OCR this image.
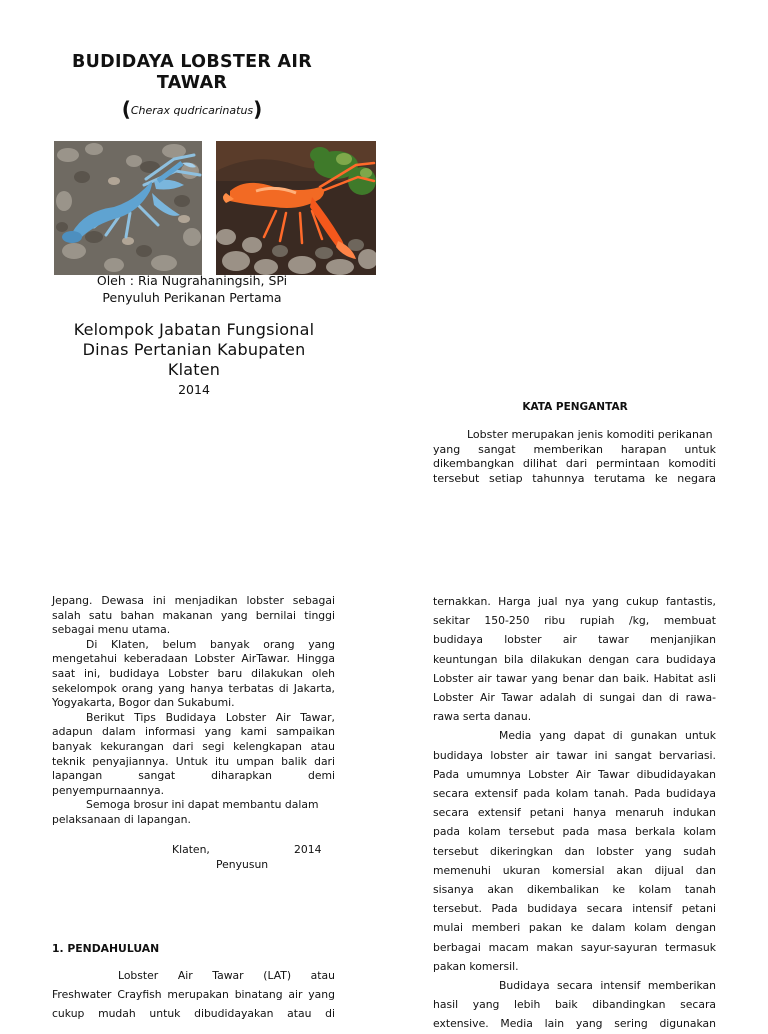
BUDIDAYA LOBSTER AIR
TAWAR
(Cherax qudricarinatus)
Oleh : Ria Nugrahaningsih, SPi
Penyuluh Perikanan Pertama
Kelompok Jabatan Fungsional
Dinas Pertanian Kabupaten
Klaten
2014
KATA PENGANTAR
Lobster merupakan jenis komoditi perikanan
yang sangat memberikan harapan untuk
dikembangkan dilihat dari permintaan komoditi
tersebut setiap tahunnya terutama ke negara
Jepang. Dewasa ini menjadikan lobster sebagai
salah satu bahan makanan yang bernilai tinggi
sebagai menu utama.
Di Klaten, belum banyak orang yang
mengetahui keberadaan Lobster AirTawar. Hingga
saat ini, budidaya Lobster baru dilakukan oleh
sekelompok orang yang hanya terbatas di Jakarta,
Yogyakarta, Bogor dan Sukabumi.
Berikut Tips Budidaya Lobster Air Tawar,
adapun dalam informasi yang kami sampaikan
banyak kekurangan dari segi kelengkapan atau
teknik penyajiannya. Untuk itu umpan balik dari
lapangan sangat diharapkan demi
penyempurnaannya.
Semoga brosur ini dapat membantu dalam
pelaksanaan di lapangan.
Klaten,	2014
Penyusun
1. PENDAHULUAN
Lobster Air Tawar (LAT) atau
Freshwater Crayfish merupakan binatang air yang
cukup mudah untuk dibudidayakan atau di
ternakkan. Harga jual nya yang cukup fantastis,
sekitar 150-250 ribu rupiah /kg, membuat
budidaya lobster air tawar menjanjikan
keuntungan bila dilakukan dengan cara budidaya
Lobster air tawar yang benar dan baik. Habitat asli
Lobster Air Tawar adalah di sungai dan di rawa-
rawa serta danau.
Media yang dapat di gunakan untuk
budidaya lobster air tawar ini sangat bervariasi.
Pada umumnya Lobster Air Tawar dibudidayakan
secara extensif pada kolam tanah. Pada budidaya
secara extensif petani hanya menaruh indukan
pada kolam tersebut pada masa berkala kolam
tersebut dikeringkan dan lobster yang sudah
memenuhi ukuran komersial akan dijual dan
sisanya akan dikembalikan ke kolam tanah
tersebut. Pada budidaya secara intensif petani
mulai memberi pakan ke dalam kolam dengan
berbagai macam makan sayur-sayuran termasuk
pakan komersil.
Budidaya secara intensif memberikan
hasil yang lebih baik dibandingkan secara
extensive. Media lain yang sering digunakan
